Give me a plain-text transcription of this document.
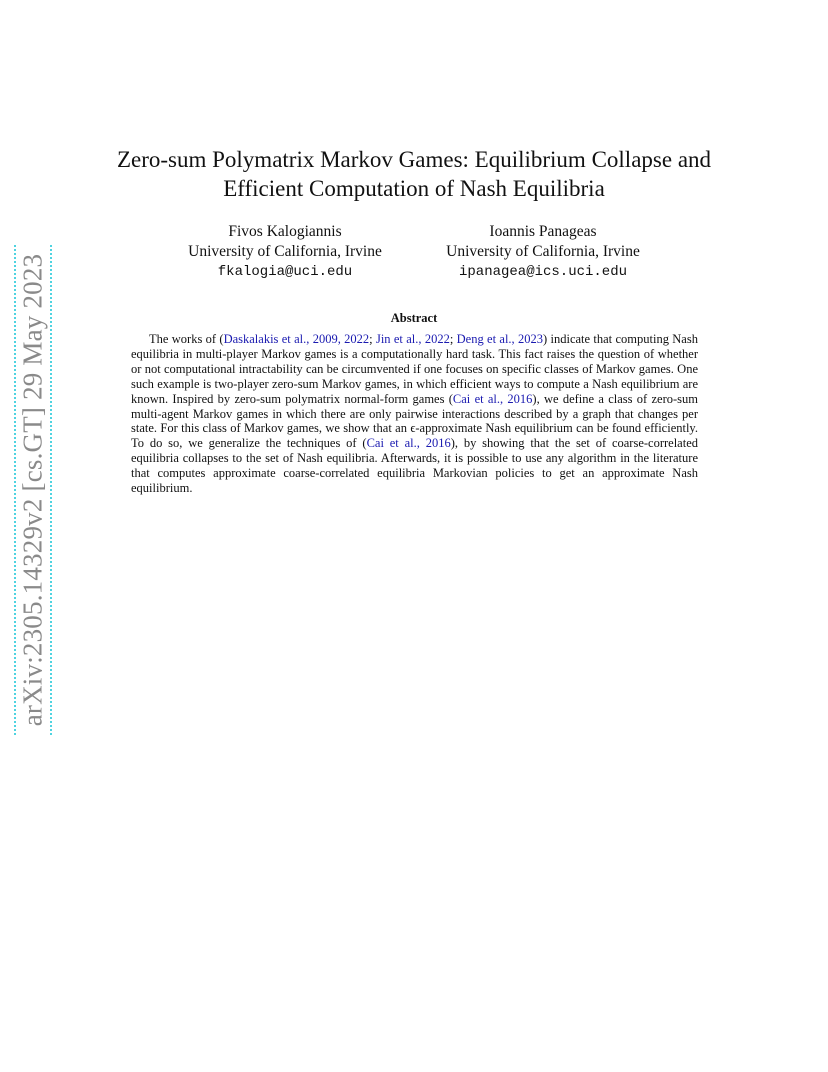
arXiv:2305.14329v2 [cs.GT] 29 May 2023
Zero-sum Polymatrix Markov Games: Equilibrium Collapse and
Efficient Computation of Nash Equilibria
Fivos Kalogiannis
University of California, Irvine
fkalogia@uci.edu
Ioannis Panageas
University of California, Irvine
ipanagea@ics.uci.edu
Abstract

The works of (Daskalakis et al., 2009, 2022; Jin et al., 2022; Deng et al., 2023) indicate that computing Nash equilibria in multi-player Markov games is a computationally hard task. This fact raises the question of whether or not computational intractability can be circumvented if one focuses on specific classes of Markov games. One such example is two-player zero-sum Markov games, in which efficient ways to compute a Nash equilibrium are known. Inspired by zero-sum polymatrix normal-form games (Cai et al., 2016), we define a class of zero-sum multi-agent Markov games in which there are only pairwise interactions described by a graph that changes per state. For this class of Markov games, we show that an ϵ-approximate Nash equilibrium can be found efficiently. To do so, we generalize the techniques of (Cai et al., 2016), by showing that the set of coarse-correlated equilibria collapses to the set of Nash equilibria. Afterwards, it is possible to use any algorithm in the literature that computes approximate coarse-correlated equilibria Markovian policies to get an approximate Nash equilibrium.
